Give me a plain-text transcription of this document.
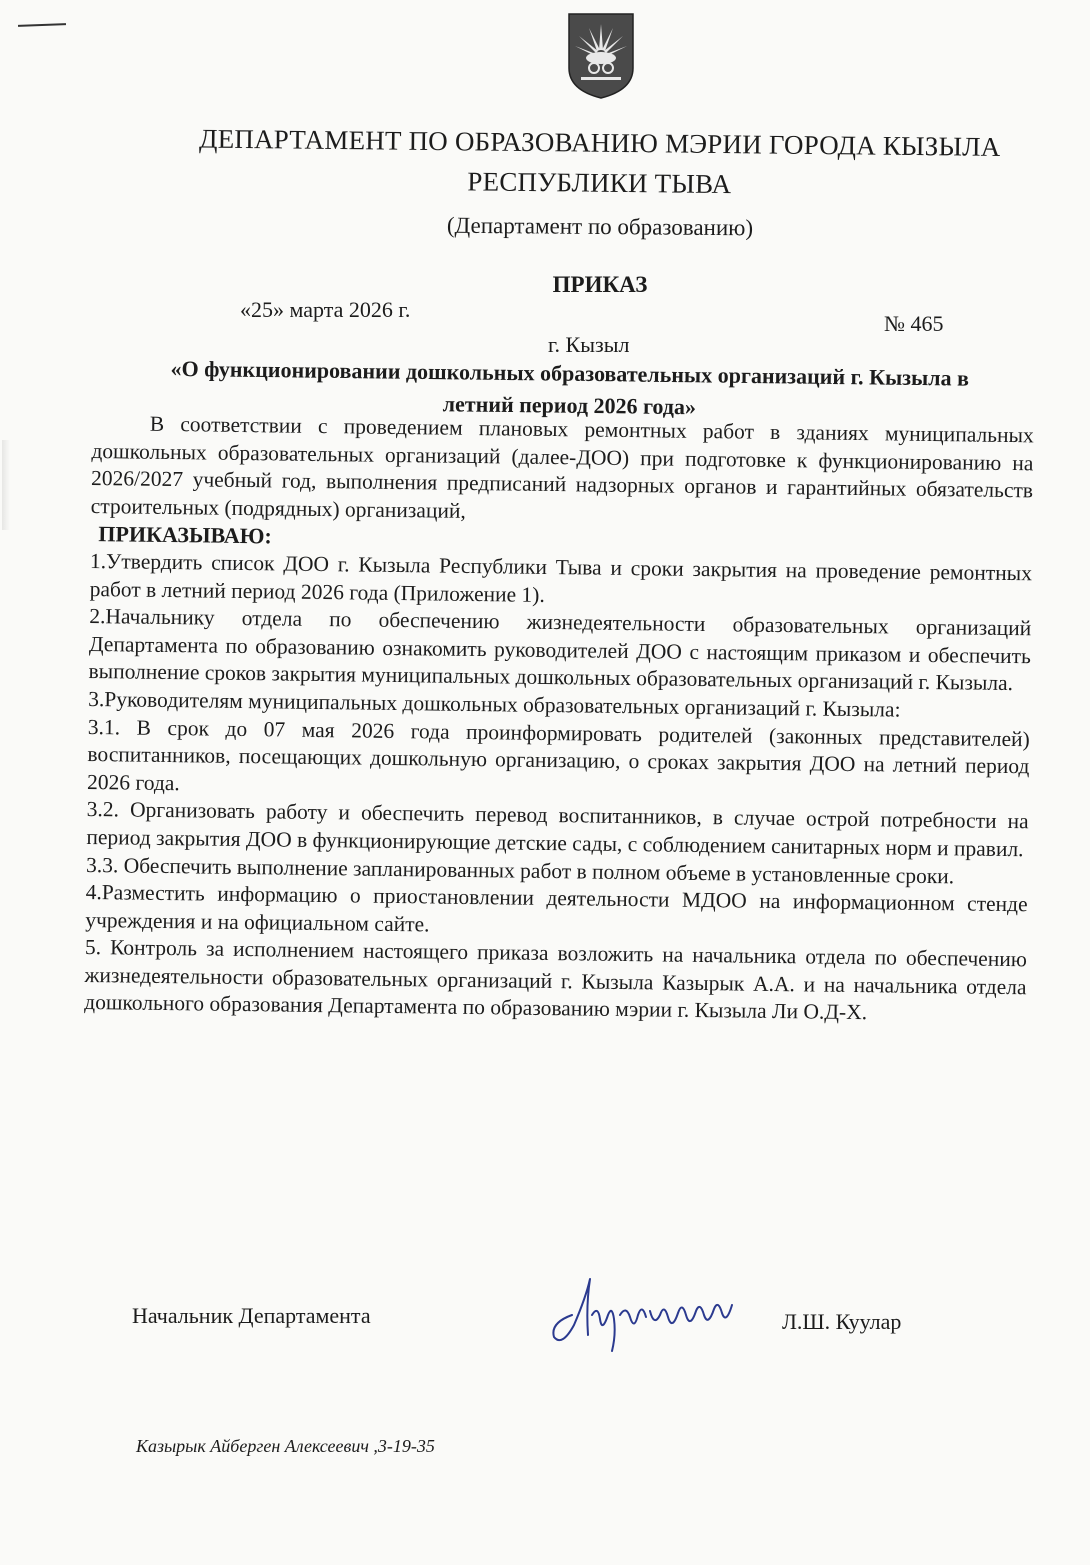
ДЕПАРТАМЕНТ ПО ОБРАЗОВАНИЮ МЭРИИ ГОРОДА КЫЗЫЛА
РЕСПУБЛИКИ ТЫВА
(Департамент по образованию)
ПРИКАЗ
«25» марта 2026 г.
№ 465
г. Кызыл
«О функционировании дошкольных образовательных организаций г. Кызыла в
летний период 2026 года»

В соответствии с проведением плановых ремонтных работ в зданиях муниципальных дошкольных образовательных организаций (далее-ДОО) при подготовке к функционированию на 2026/2027 учебный год, выполнения предписаний надзорных органов и гарантийных обязательств строительных (подрядных) организаций,

ПРИКАЗЫВАЮ:

1.Утвердить список ДОО г. Кызыла Республики Тыва и сроки закрытия на проведение ремонтных работ в летний период 2026 года (Приложение 1).

2.Начальнику отдела по обеспечению жизнедеятельности образовательных организаций Департамента по образованию ознакомить руководителей ДОО с настоящим приказом и обеспечить выполнение сроков закрытия муниципальных дошкольных образовательных организаций г. Кызыла.

3.Руководителям муниципальных дошкольных образовательных организаций г. Кызыла:

3.1. В срок до 07 мая 2026 года проинформировать родителей (законных представителей) воспитанников, посещающих дошкольную организацию, о сроках закрытия ДОО на летний период 2026 года.

3.2. Организовать работу и обеспечить перевод воспитанников, в случае острой потребности на период закрытия ДОО в функционирующие детские сады, с соблюдением санитарных норм и правил.

3.3. Обеспечить выполнение запланированных работ в полном объеме в установленные сроки.

4.Разместить информацию о приостановлении деятельности МДОО на информационном стенде учреждения и на официальном сайте.

5. Контроль за исполнением настоящего приказа возложить на начальника отдела по обеспечению жизнедеятельности образовательных организаций г. Кызыла Казырык А.А. и на начальника отдела дошкольного образования Департамента по образованию мэрии г. Кызыла Ли О.Д-Х.

Начальник Департамента	Л.Ш. Куулар
Казырык Айберген Алексеевич ,3-19-35
